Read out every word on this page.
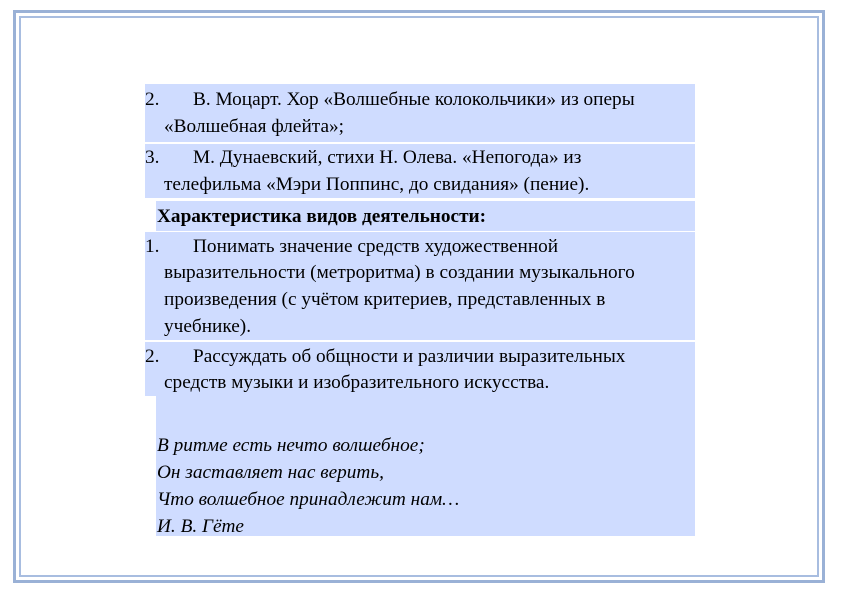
2. В. Моцарт. Хор «Волшебные колокольчики» из оперы
«Волшебная флейта»;
3. М. Дунаевский, стихи Н. Олева. «Непогода» из
телефильма «Мэри Поппинс, до свидания» (пение).
Характеристика видов деятельности:
1. Понимать значение средств художественной
выразительности (метроритма) в создании музыкального
произведения (с учётом критериев, представленных в
учебнике).
2. Рассуждать об общности и различии выразительных
средств музыки и изобразительного искусства.
В ритме есть нечто волшебное;
Он заставляет нас верить,
Что волшебное принадлежит нам…
И. В. Гёте
